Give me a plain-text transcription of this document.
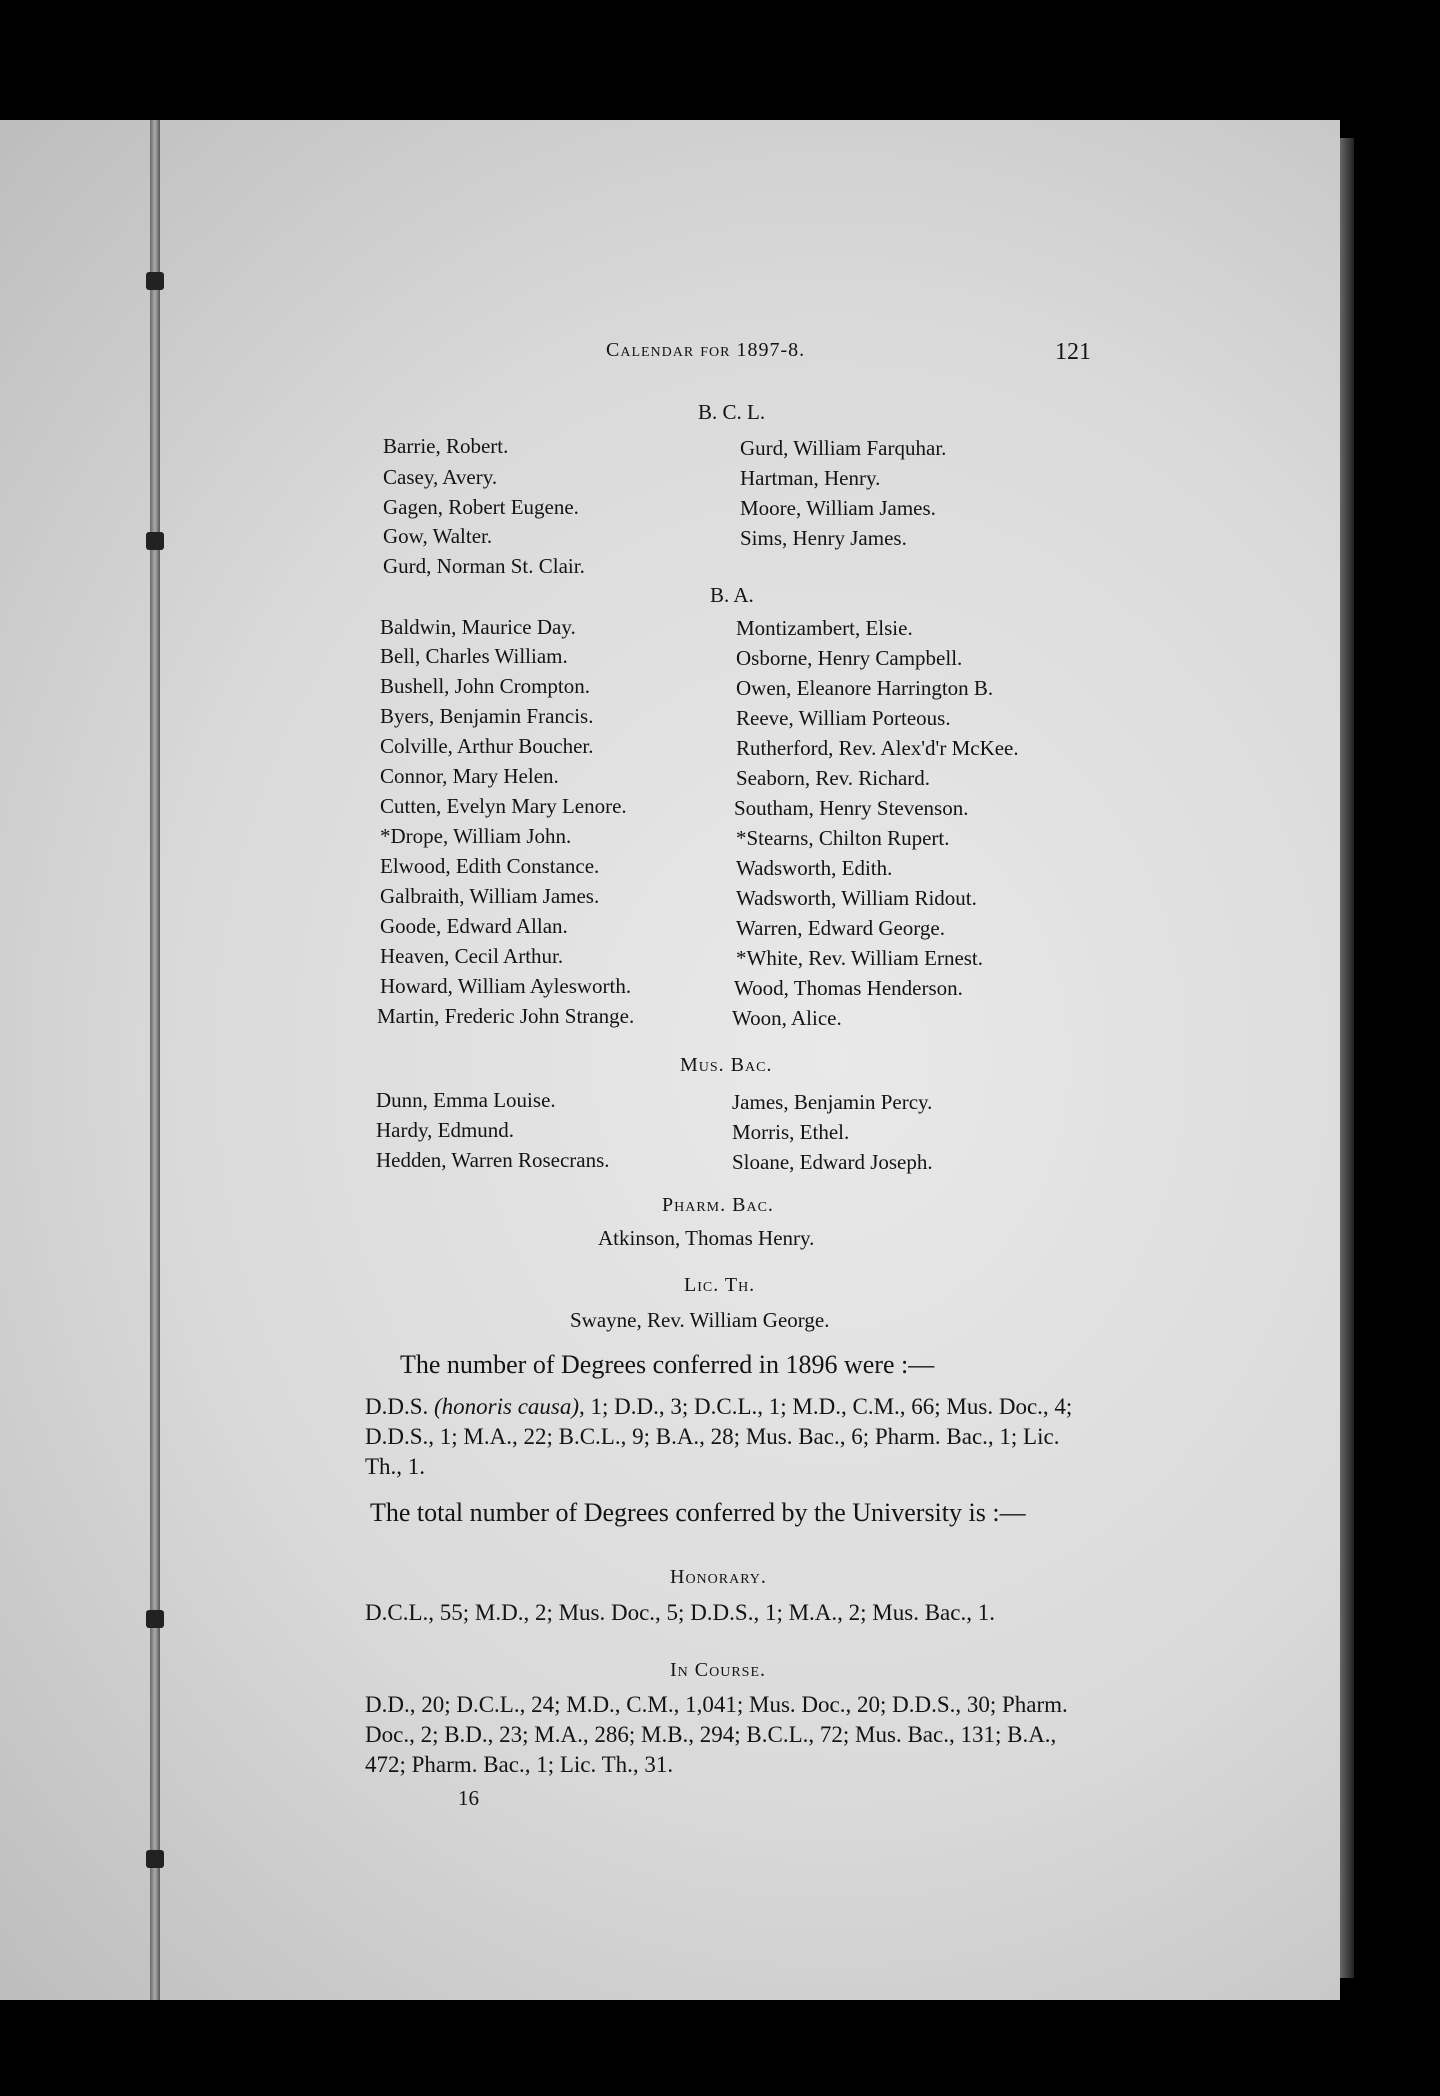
Calendar for 1897-8.	121
B. C. L.
Barrie, Robert.
Casey, Avery.
Gagen, Robert Eugene.
Gow, Walter.
Gurd, Norman St. Clair.
Gurd, William Farquhar.
Hartman, Henry.
Moore, William James.
Sims, Henry James.
B. A.
Baldwin, Maurice Day.
Bell, Charles William.
Bushell, John Crompton.
Byers, Benjamin Francis.
Colville, Arthur Boucher.
Connor, Mary Helen.
Cutten, Evelyn Mary Lenore.
*Drope, William John.
Elwood, Edith Constance.
Galbraith, William James.
Goode, Edward Allan.
Heaven, Cecil Arthur.
Howard, William Aylesworth.
Martin, Frederic John Strange.
Montizambert, Elsie.
Osborne, Henry Campbell.
Owen, Eleanore Harrington B.
Reeve, William Porteous.
Rutherford, Rev. Alex'd'r McKee.
Seaborn, Rev. Richard.
Southam, Henry Stevenson.
*Stearns, Chilton Rupert.
Wadsworth, Edith.
Wadsworth, William Ridout.
Warren, Edward George.
*White, Rev. William Ernest.
Wood, Thomas Henderson.
Woon, Alice.
Mus. Bac.
Dunn, Emma Louise.
Hardy, Edmund.
Hedden, Warren Rosecrans.
James, Benjamin Percy.
Morris, Ethel.
Sloane, Edward Joseph.
Pharm. Bac.
Atkinson, Thomas Henry.
Lic. Th.
Swayne, Rev. William George.
The number of Degrees conferred in 1896 were :—
D.D.S. (honoris causa), 1; D.D., 3; D.C.L., 1; M.D., C.M., 66; Mus. Doc., 4; D.D.S., 1; M.A., 22; B.C.L., 9; B.A., 28; Mus. Bac., 6; Pharm. Bac., 1; Lic. Th., 1.
The total number of Degrees conferred by the University is :—
Honorary.
D.C.L., 55; M.D., 2; Mus. Doc., 5; D.D.S., 1; M.A., 2; Mus. Bac., 1.
In Course.
D.D., 20; D.C.L., 24; M.D., C.M., 1,041; Mus. Doc., 20; D.D.S., 30; Pharm. Doc., 2; B.D., 23; M.A., 286; M.B., 294; B.C.L., 72; Mus. Bac., 131; B.A., 472; Pharm. Bac., 1; Lic. Th., 31.
16
